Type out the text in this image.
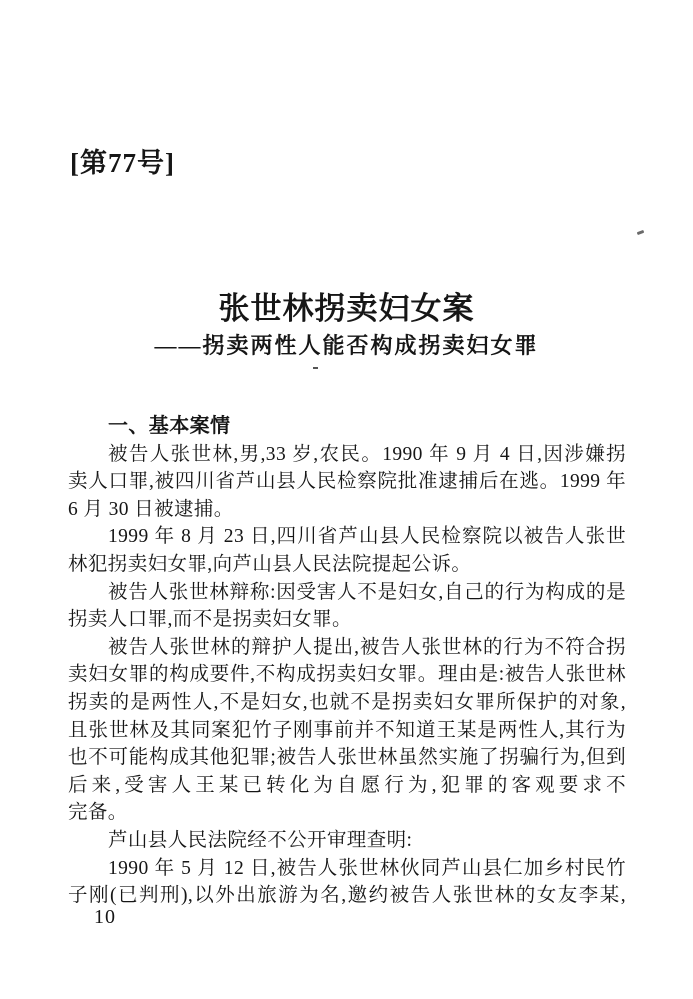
[第77号]
张世林拐卖妇女案
——拐卖两性人能否构成拐卖妇女罪
一、基本案情
被告人张世林,男,33 岁,农民。1990 年 9 月 4 日,因涉嫌拐
卖人口罪,被四川省芦山县人民检察院批准逮捕后在逃。1999 年
6 月 30 日被逮捕。
1999 年 8 月 23 日,四川省芦山县人民检察院以被告人张世
林犯拐卖妇女罪,向芦山县人民法院提起公诉。
被告人张世林辩称:因受害人不是妇女,自己的行为构成的是
拐卖人口罪,而不是拐卖妇女罪。
被告人张世林的辩护人提出,被告人张世林的行为不符合拐
卖妇女罪的构成要件,不构成拐卖妇女罪。理由是:被告人张世林
拐卖的是两性人,不是妇女,也就不是拐卖妇女罪所保护的对象,
且张世林及其同案犯竹子刚事前并不知道王某是两性人,其行为
也不可能构成其他犯罪;被告人张世林虽然实施了拐骗行为,但到
后来,受害人王某已转化为自愿行为,犯罪的客观要求不
完备。
芦山县人民法院经不公开审理查明:
1990 年 5 月 12 日,被告人张世林伙同芦山县仁加乡村民竹
子刚(已判刑),以外出旅游为名,邀约被告人张世林的女友李某,
10
